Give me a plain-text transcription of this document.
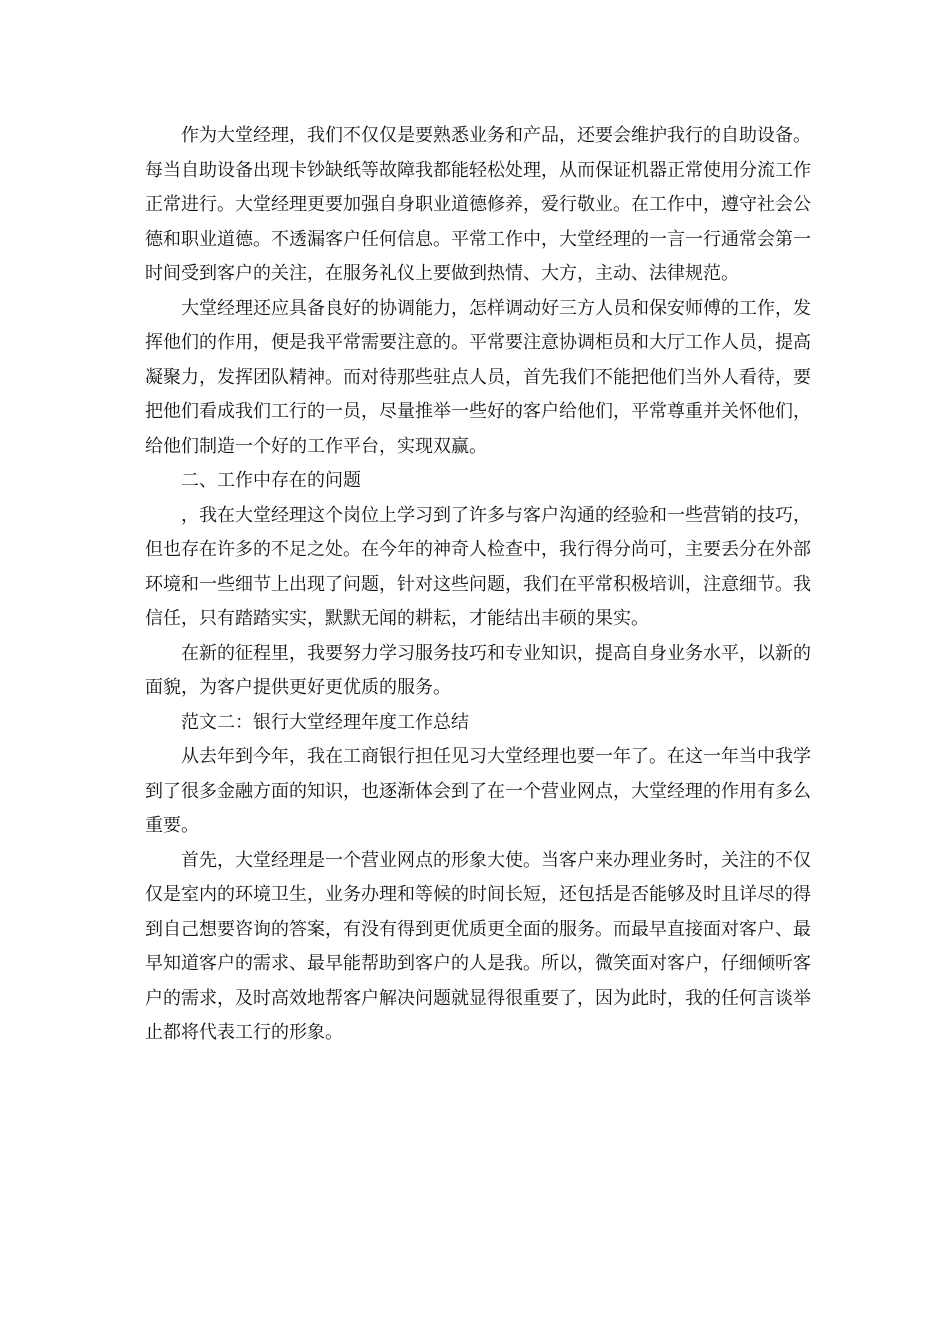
作为大堂经理，我们不仅仅是要熟悉业务和产品，还要会维护我行的自助设备。每当自助设备出现卡钞缺纸等故障我都能轻松处理，从而保证机器正常使用分流工作正常进行。大堂经理更要加强自身职业道德修养，爱行敬业。在工作中，遵守社会公德和职业道德。不透漏客户任何信息。平常工作中，大堂经理的一言一行通常会第一时间受到客户的关注，在服务礼仪上要做到热情、大方，主动、法律规范。

大堂经理还应具备良好的协调能力，怎样调动好三方人员和保安师傅的工作，发挥他们的作用，便是我平常需要注意的。平常要注意协调柜员和大厅工作人员，提高凝聚力，发挥团队精神。而对待那些驻点人员，首先我们不能把他们当外人看待，要把他们看成我们工行的一员，尽量推举一些好的客户给他们，平常尊重并关怀他们，给他们制造一个好的工作平台，实现双赢。

二、工作中存在的问题

，我在大堂经理这个岗位上学习到了许多与客户沟通的经验和一些营销的技巧，但也存在许多的不足之处。在今年的神奇人检查中，我行得分尚可，主要丢分在外部环境和一些细节上出现了问题，针对这些问题，我们在平常积极培训，注意细节。我信任，只有踏踏实实，默默无闻的耕耘，才能结出丰硕的果实。

在新的征程里，我要努力学习服务技巧和专业知识，提高自身业务水平，以新的面貌，为客户提供更好更优质的服务。

范文二：银行大堂经理年度工作总结

从去年到今年，我在工商银行担任见习大堂经理也要一年了。在这一年当中我学到了很多金融方面的知识，也逐渐体会到了在一个营业网点，大堂经理的作用有多么重要。

首先，大堂经理是一个营业网点的形象大使。当客户来办理业务时，关注的不仅仅是室内的环境卫生，业务办理和等候的时间长短，还包括是否能够及时且详尽的得到自己想要咨询的答案，有没有得到更优质更全面的服务。而最早直接面对客户、最早知道客户的需求、最早能帮助到客户的人是我。所以，微笑面对客户，仔细倾听客户的需求，及时高效地帮客户解决问题就显得很重要了，因为此时，我的任何言谈举止都将代表工行的形象。
